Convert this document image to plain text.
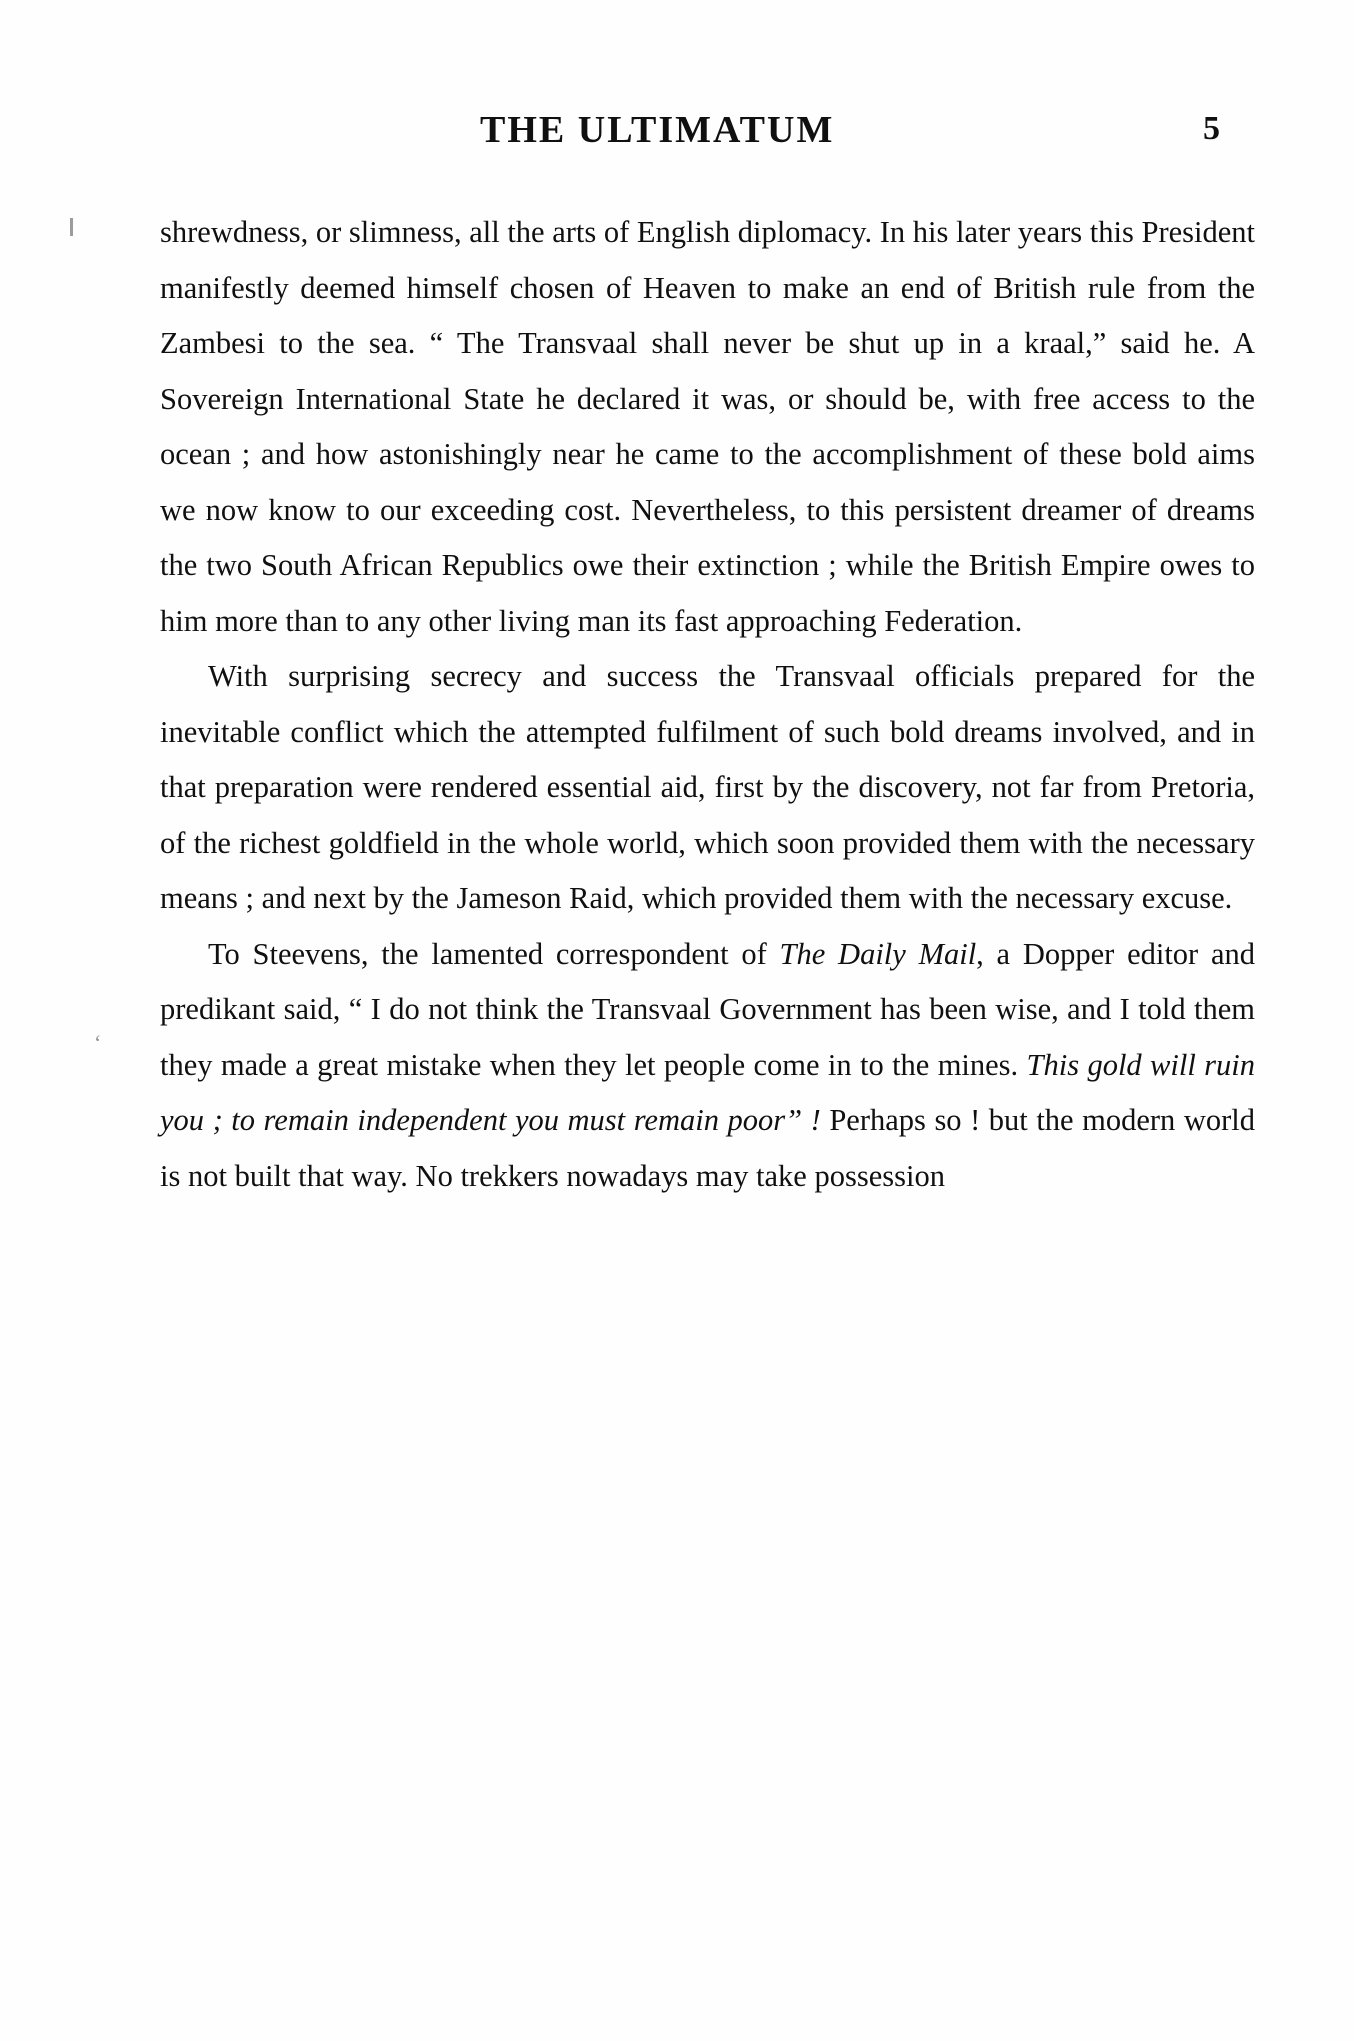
‘
THE ULTIMATUM	5

shrewdness, or slimness, all the arts of English diplomacy. In his later years this President manifestly deemed himself chosen of Heaven to make an end of British rule from the Zambesi to the sea. “ The Transvaal shall never be shut up in a kraal,” said he. A Sovereign International State he declared it was, or should be, with free access to the ocean ; and how astonishingly near he came to the accomplishment of these bold aims we now know to our exceeding cost. Nevertheless, to this persistent dreamer of dreams the two South African Republics owe their extinction ; while the British Empire owes to him more than to any other living man its fast approaching Federation.

With surprising secrecy and success the Transvaal officials prepared for the inevitable conflict which the attempted fulfilment of such bold dreams involved, and in that preparation were rendered essential aid, first by the discovery, not far from Pretoria, of the richest goldfield in the whole world, which soon provided them with the necessary means ; and next by the Jameson Raid, which provided them with the necessary excuse.

To Steevens, the lamented correspondent of The Daily Mail, a Dopper editor and predikant said, “ I do not think the Transvaal Government has been wise, and I told them they made a great mistake when they let people come in to the mines. This gold will ruin you ; to remain independent you must remain poor” ! Perhaps so ! but the modern world is not built that way. No trekkers nowadays may take possession
